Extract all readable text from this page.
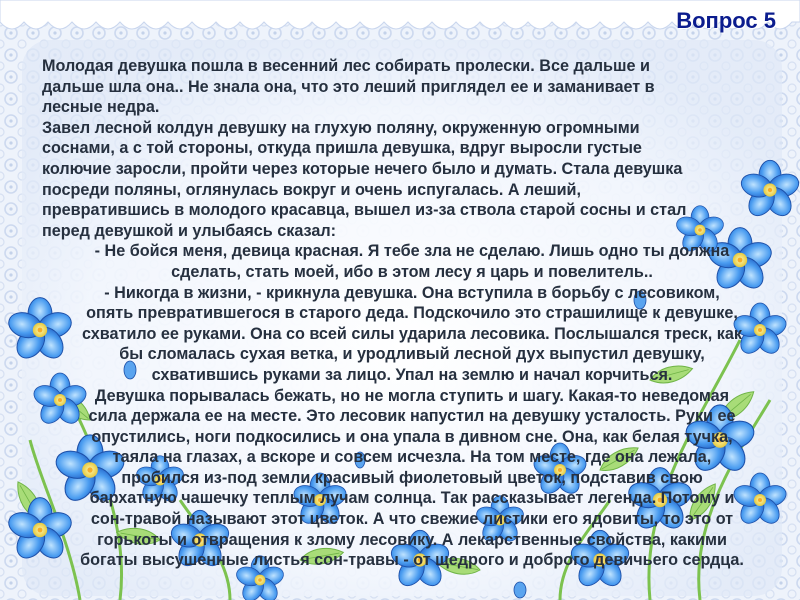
Вопрос 5

Молодая девушка пошла в весенний лес собирать пролески. Все дальше и
дальше шла она.. Не знала она, что это леший приглядел ее и заманивает в
лесные недра.

Завел лесной колдун девушку на глухую поляну, окруженную огромными
соснами, а с той стороны, откуда пришла девушка, вдруг выросли густые
колючие заросли, пройти через которые нечего было и думать. Стала девушка
посреди поляны, оглянулась вокруг и очень испугалась. А леший,
превратившись в молодого красавца, вышел из-за ствола старой сосны и стал
перед девушкой и улыбаясь сказал:

- Не бойся меня, девица красная. Я тебе зла не сделаю. Лишь одно ты должна
сделать, стать моей, ибо в этом лесу я царь и повелитель..

- Никогда в жизни, - крикнула девушка. Она вступила в борьбу с лесовиком,
опять превратившегося в старого деда. Подскочило это страшилище к девушке,
схватило ее руками. Она со всей силы ударила лесовика. Послышался треск, как
бы сломалась сухая ветка, и уродливый лесной дух выпустил девушку,
схватившись руками за лицо. Упал на землю и начал корчиться.

Девушка порывалась бежать, но не могла ступить и шагу. Какая-то неведомая
сила держала ее на месте. Это лесовик напустил на девушку усталость. Руки ее
опустились, ноги подкосились и она упала в дивном сне. Она, как белая тучка,
таяла на глазах, а вскоре и совсем исчезла. На том месте, где она лежала,
пробился из-под земли красивый фиолетовый цветок, подставив свою
бархатную чашечку теплым лучам солнца. Так рассказывает легенда. Потому и
сон-травой называют этот цветок. А что свежие листики его ядовиты, то это от
горькоты и отвращения к злому лесовику. А лекарственные свойства, какими
богаты высушенные листья сон-травы - от щедрого и доброго девичьего сердца.
